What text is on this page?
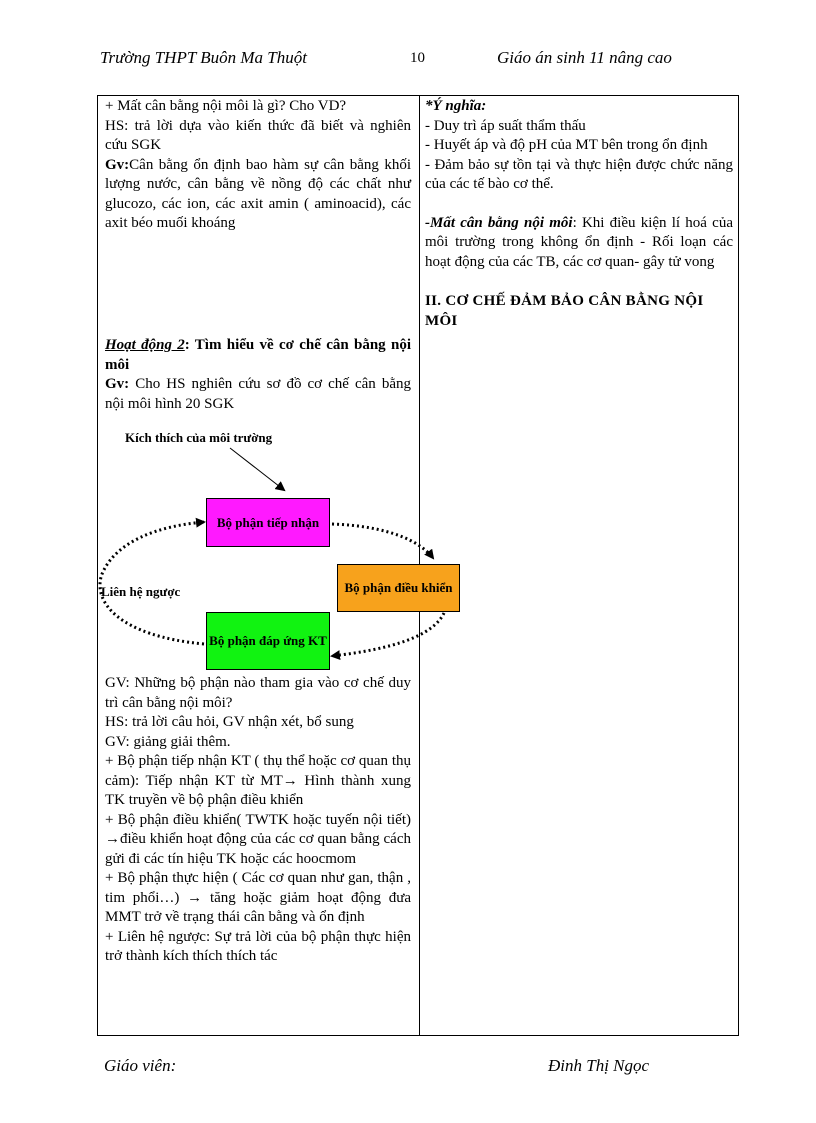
Trường THPT Buôn Ma Thuột	10	Giáo án sinh 11 nâng cao

+ Mất cân bằng nội môi là gì? Cho VD?

HS: trả lời dựa vào kiến thức đã biết và nghiên cứu SGK

Gv:Cân bằng ổn định bao hàm sự cân bằng khối lượng nước, cân bằng về nồng độ các chất như glucozo, các ion, các axit amin ( aminoacid), các axit béo muối khoáng

Hoạt động 2: Tìm hiểu về cơ chế cân bằng nội môi

Gv: Cho HS nghiên cứu sơ đồ cơ chế cân bằng nội môi hình 20 SGK

Kích thích của môi trường
Bộ phận tiếp nhận
Bộ phận điều khiển
Bộ phận đáp ứng KT
Liên hệ ngược

GV: Những bộ phận nào tham gia vào cơ chế duy trì cân bằng nội môi?

HS: trả lời câu hỏi, GV nhận xét, bổ sung

GV: giảng giải thêm.

+ Bộ phận tiếp nhận KT ( thụ thể hoặc cơ quan thụ cảm): Tiếp nhận KT từ MT→ Hình thành xung TK truyền về bộ phận điều khiển

+ Bộ phận điều khiển( TWTK hoặc tuyến nội tiết) →điều khiển hoạt động của các cơ quan bằng cách gửi đi các tín hiệu TK hoặc các hoocmom

+ Bộ phận thực hiện ( Các cơ quan như gan, thận , tim phổi…) → tăng hoặc giảm hoạt động đưa MMT trở về trạng thái cân bằng và ổn định

+ Liên hệ ngược: Sự trả lời của bộ phận thực hiện trở thành kích thích thích tác

*Ý nghĩa:

- Duy trì áp suất thẩm thấu

- Huyết áp và độ pH của MT bên trong ổn định

- Đảm bảo sự tồn tại và thực hiện được chức năng của các tế bào cơ thể.

-Mất cân bằng nội môi: Khi điều kiện lí hoá của môi trường trong không ổn định - Rối loạn các hoạt động của các TB, các cơ quan- gây tử vong

II. CƠ CHẾ ĐẢM BẢO CÂN BẰNG NỘI MÔI

Giáo viên:	Đinh Thị Ngọc
